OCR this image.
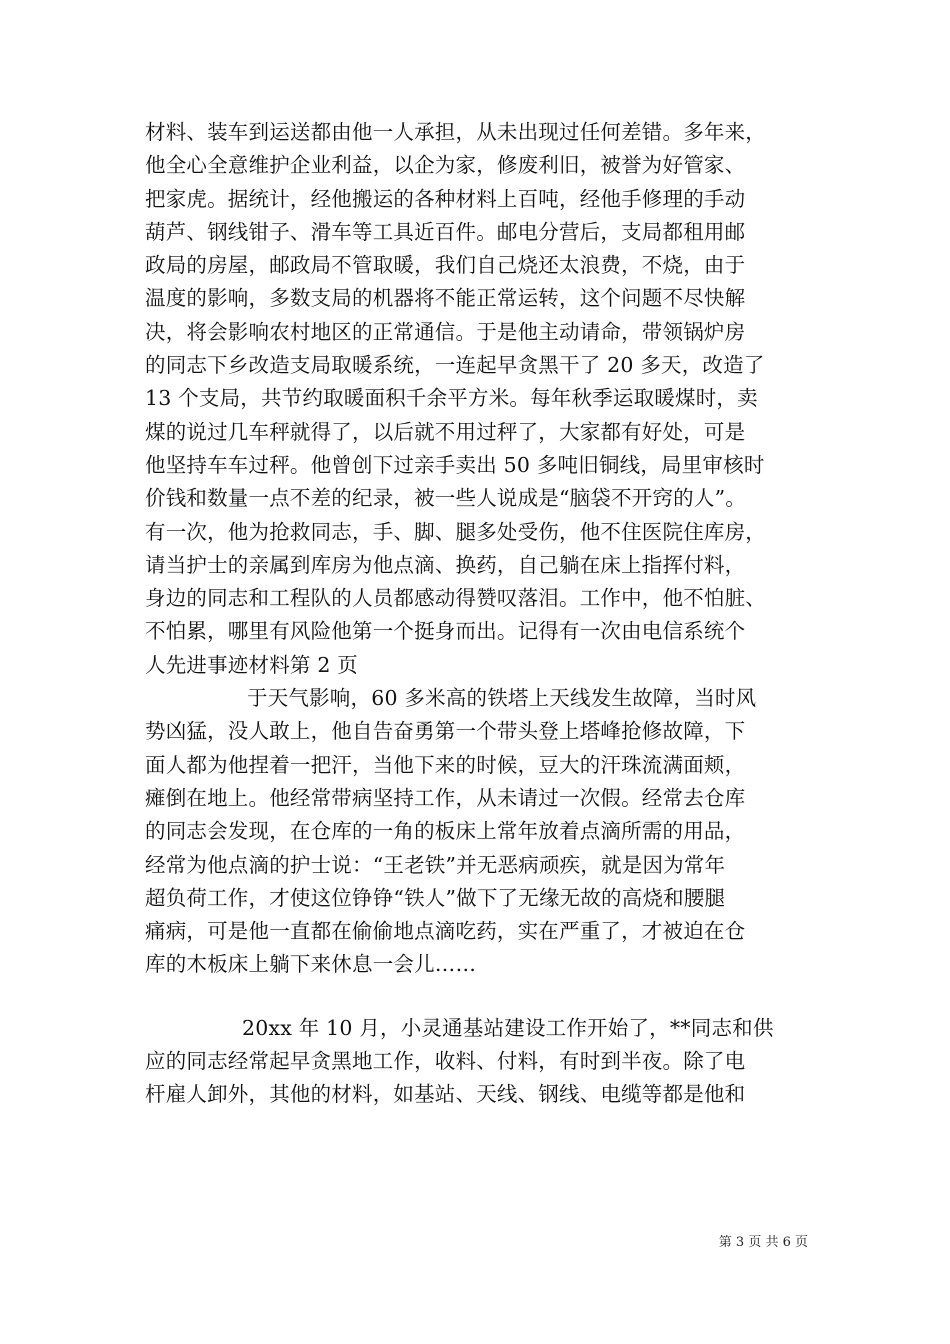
材料、装车到运送都由他一人承担，从未出现过任何差错。多年来，
他全心全意维护企业利益，以企为家，修废利旧，被誉为好管家、
把家虎。据统计，经他搬运的各种材料上百吨，经他手修理的手动
葫芦、钢线钳子、滑车等工具近百件。邮电分营后，支局都租用邮
政局的房屋，邮政局不管取暖，我们自己烧还太浪费，不烧，由于
温度的影响，多数支局的机器将不能正常运转，这个问题不尽快解
决，将会影响农村地区的正常通信。于是他主动请命，带领锅炉房
的同志下乡改造支局取暖系统，一连起早贪黑干了 20 多天，改造了
13 个支局，共节约取暖面积千余平方米。每年秋季运取暖煤时，卖
煤的说过几车秤就得了，以后就不用过秤了，大家都有好处，可是
他坚持车车过秤。他曾创下过亲手卖出 50 多吨旧铜线，局里审核时
价钱和数量一点不差的纪录，被一些人说成是“脑袋不开窍的人”。
有一次，他为抢救同志，手、脚、腿多处受伤，他不住医院住库房，
请当护士的亲属到库房为他点滴、换药，自己躺在床上指挥付料，
身边的同志和工程队的人员都感动得赞叹落泪。工作中，他不怕脏、
不怕累，哪里有风险他第一个挺身而出。记得有一次由电信系统个
人先进事迹材料第 2 页
于天气影响，60 多米高的铁塔上天线发生故障，当时风
势凶猛，没人敢上，他自告奋勇第一个带头登上塔峰抢修故障，下
面人都为他捏着一把汗，当他下来的时候，豆大的汗珠流满面颊，
瘫倒在地上。他经常带病坚持工作，从未请过一次假。经常去仓库
的同志会发现，在仓库的一角的板床上常年放着点滴所需的用品，
经常为他点滴的护士说：“王老铁”并无恶病顽疾，就是因为常年
超负荷工作，才使这位铮铮“铁人”做下了无缘无故的高烧和腰腿
痛病，可是他一直都在偷偷地点滴吃药，实在严重了，才被迫在仓
库的木板床上躺下来休息一会儿……
20xx 年 10 月，小灵通基站建设工作开始了，**同志和供
应的同志经常起早贪黑地工作，收料、付料，有时到半夜。除了电
杆雇人卸外，其他的材料，如基站、天线、钢线、电缆等都是他和
第 3 页 共 6 页
